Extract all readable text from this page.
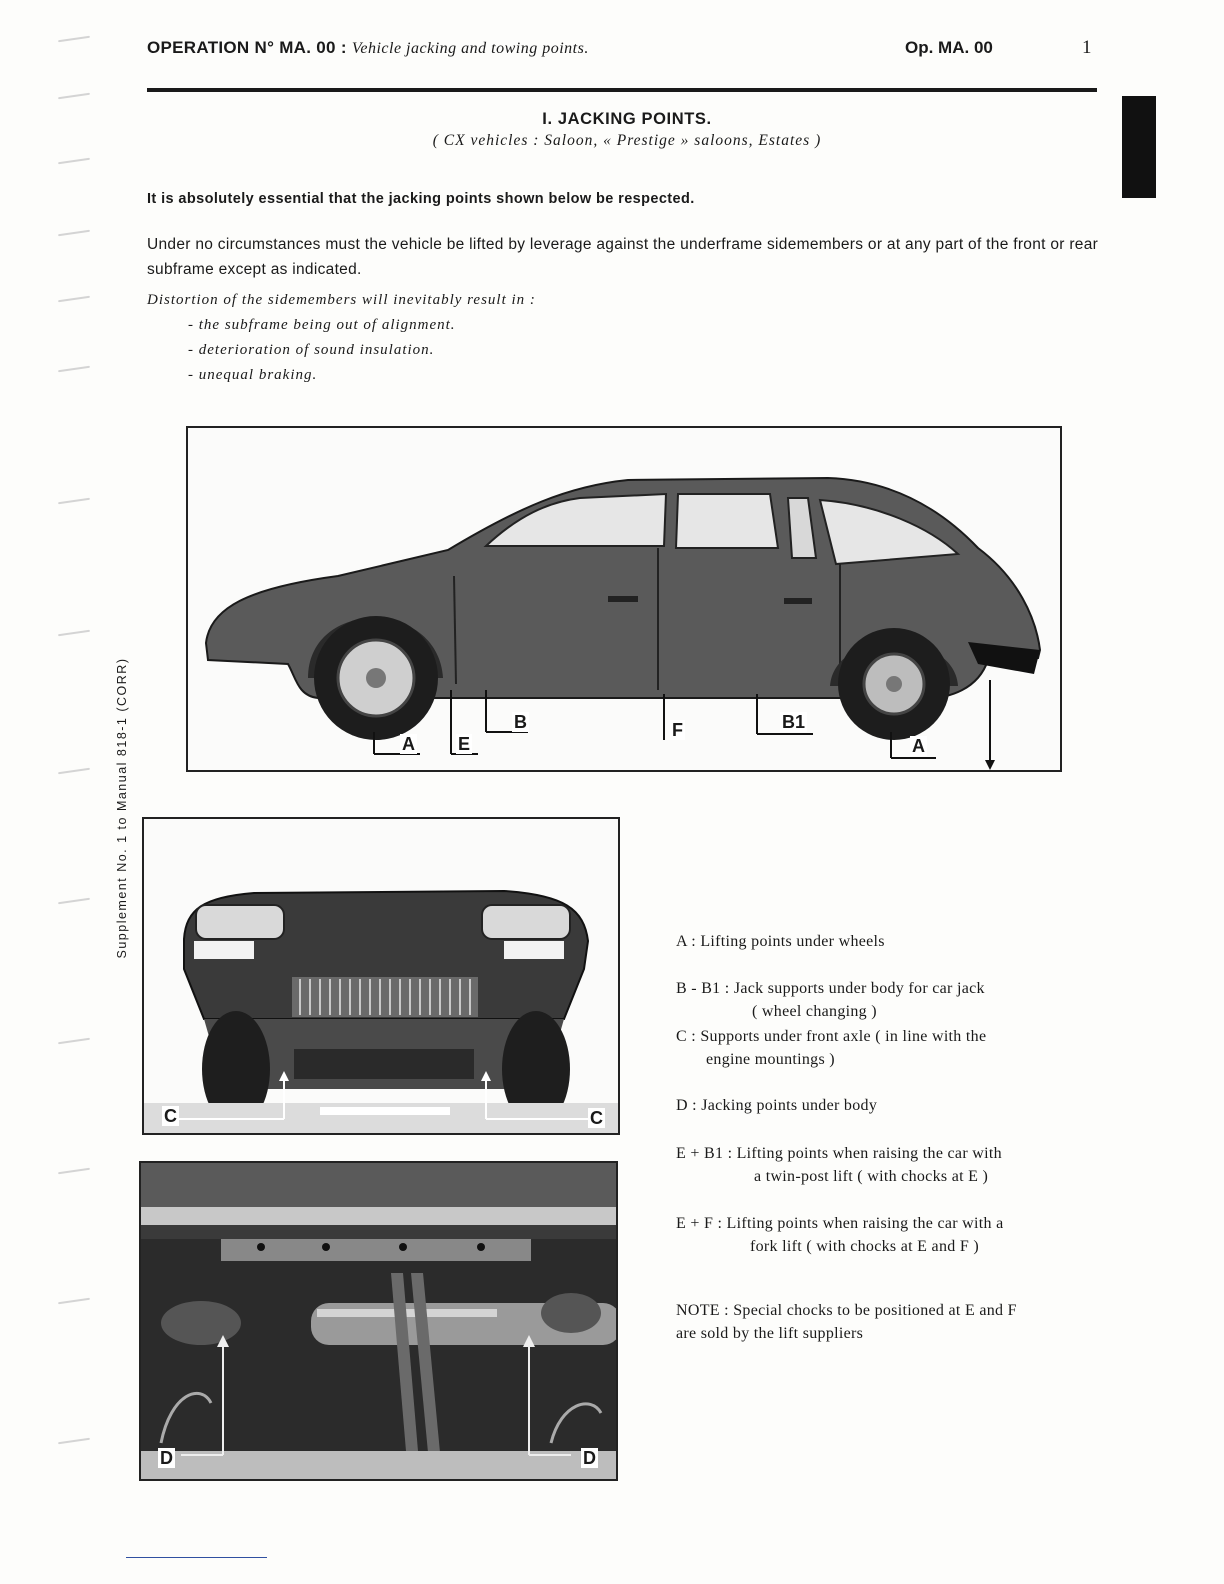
OPERATION N° MA. 00 : Vehicle jacking and towing points.	Op. MA. 00	1
Supplement No. 1 to Manual 818-1 (CORR)
I. JACKING POINTS.
( CX vehicles : Saloon, « Prestige » saloons, Estates )
It is absolutely essential that the jacking points shown below be respected.
Under no circumstances must the vehicle be lifted by leverage against the underframe sidemembers or at any part of the front or rear subframe except as indicated.
Distortion of the sidemembers will inevitably result in :
- the subframe being out of alignment.
- deterioration of sound insulation.
- unequal braking.
A E
B	F	B1
A
C	C
D	D
A : Lifting points under wheels
B - B1 : Jack supports under body for car jack
( wheel changing )
C : Supports under front axle ( in line with the
engine mountings )
D : Jacking points under body
E + B1 : Lifting points when raising the car with
a twin-post lift ( with chocks at E )
E + F : Lifting points when raising the car with a
fork lift ( with chocks at E and F )
NOTE : Special chocks to be positioned at E and F
are sold by the lift suppliers
